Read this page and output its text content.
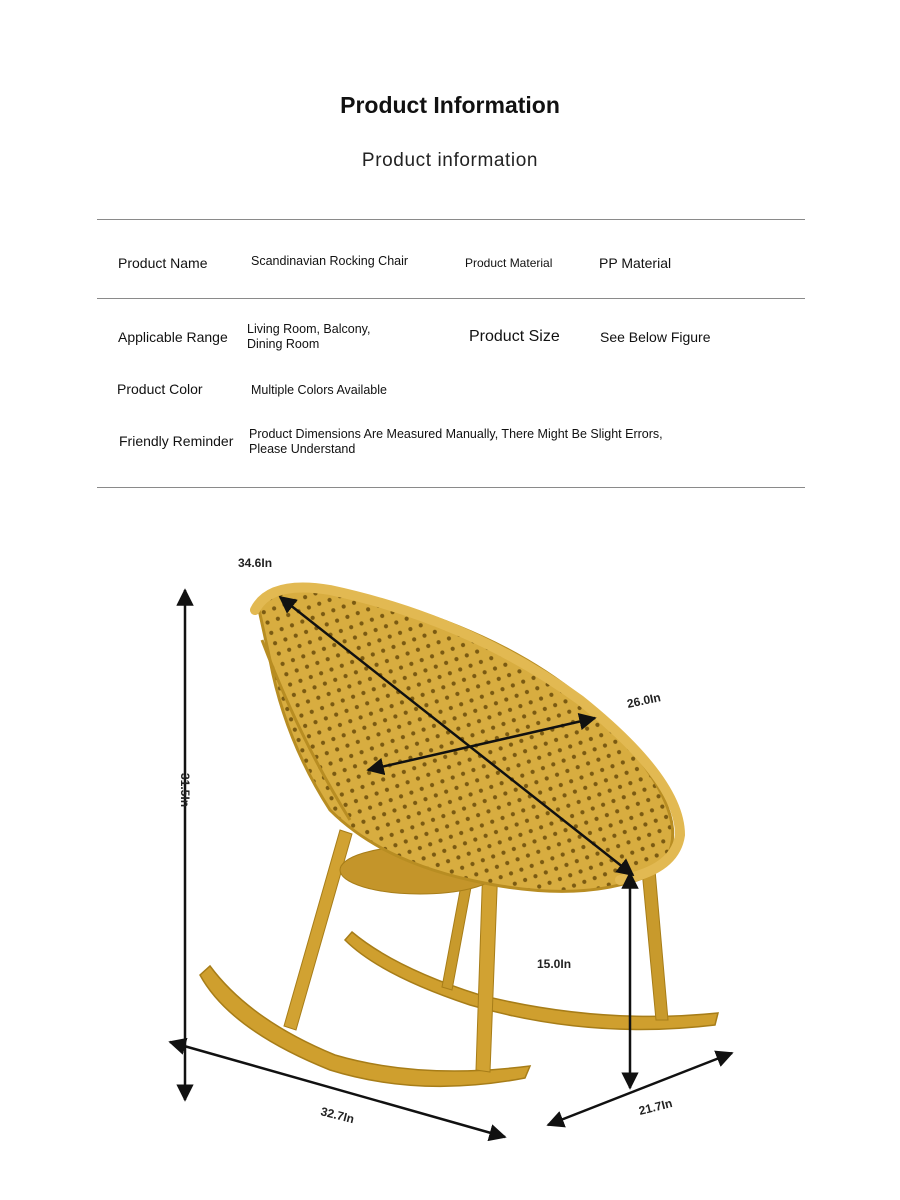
Product Information
Product information
Product Name	Scandinavian Rocking Chair	Product Material	PP Material
Applicable Range Living Room, Balcony,
Dining Room	Product Size	See Below Figure
Product Color	Multiple Colors Available
Friendly Reminder Product Dimensions Are Measured Manually, There Might Be Slight Errors,
Please Understand
34.6In
26.0In
31.5In
15.0In
32.7In	21.7In
